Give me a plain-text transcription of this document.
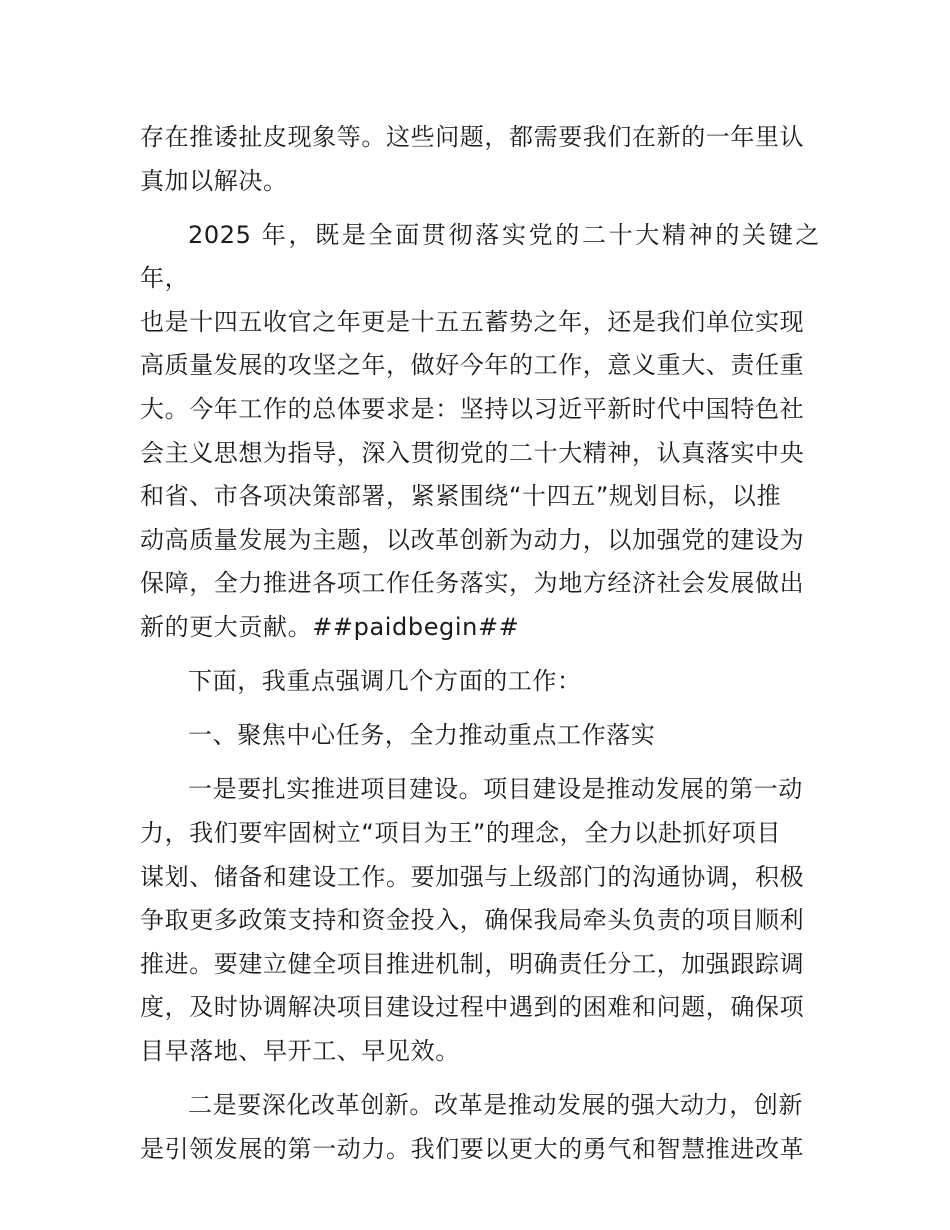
存在推诿扯皮现象等。这些问题，都需要我们在新的一年里认
真加以解决。

2025 年，既是全面贯彻落实党的二十大精神的关键之年，
也是十四五收官之年更是十五五蓄势之年，还是我们单位实现
高质量发展的攻坚之年，做好今年的工作，意义重大、责任重
大。今年工作的总体要求是：坚持以习近平新时代中国特色社
会主义思想为指导，深入贯彻党的二十大精神，认真落实中央
和省、市各项决策部署，紧紧围绕“十四五”规划目标，以推
动高质量发展为主题，以改革创新为动力，以加强党的建设为
保障，全力推进各项工作任务落实，为地方经济社会发展做出
新的更大贡献。##paidbegin##

下面，我重点强调几个方面的工作：

一、聚焦中心任务，全力推动重点工作落实

一是要扎实推进项目建设。项目建设是推动发展的第一动
力，我们要牢固树立“项目为王”的理念，全力以赴抓好项目
谋划、储备和建设工作。要加强与上级部门的沟通协调，积极
争取更多政策支持和资金投入，确保我局牵头负责的项目顺利
推进。要建立健全项目推进机制，明确责任分工，加强跟踪调
度，及时协调解决项目建设过程中遇到的困难和问题，确保项
目早落地、早开工、早见效。

二是要深化改革创新。改革是推动发展的强大动力，创新
是引领发展的第一动力。我们要以更大的勇气和智慧推进改革
